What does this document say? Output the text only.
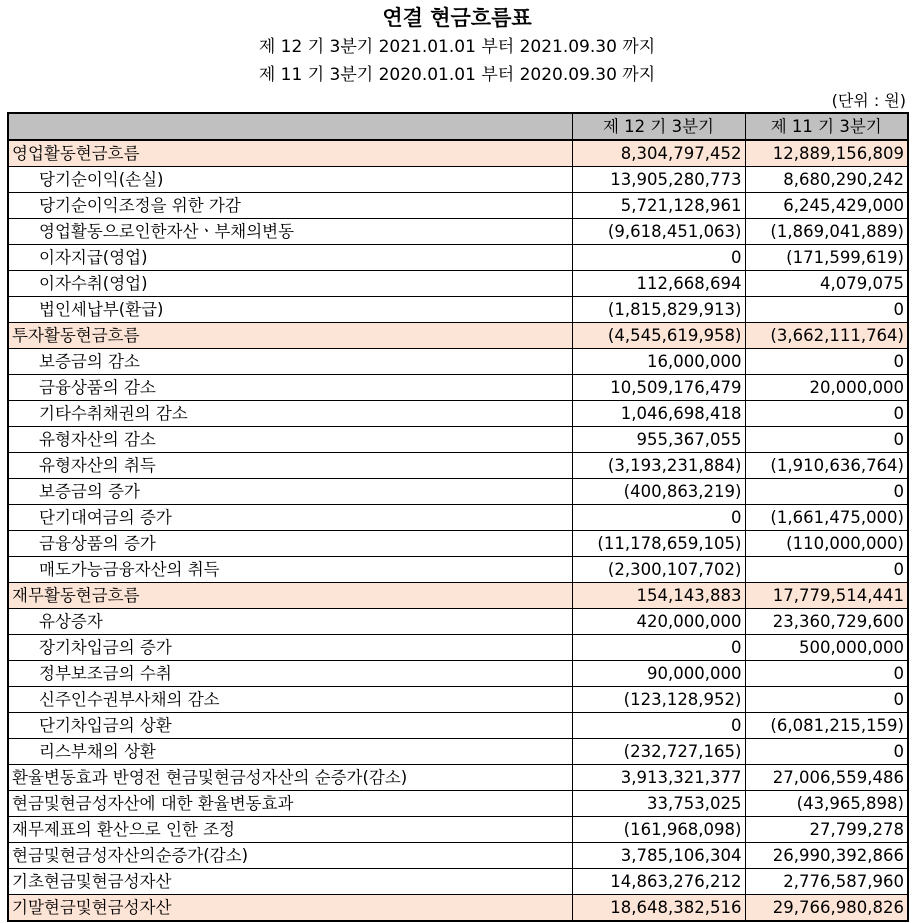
연결 현금흐름표
제 12 기 3분기 2021.01.01 부터 2021.09.30 까지
제 11 기 3분기 2020.01.01 부터 2020.09.30 까지
(단위 : 원)
	제 12 기 3분기	제 11 기 3분기
영업활동현금흐름	8,304,797,452	12,889,156,809
당기순이익(손실)	13,905,280,773	8,680,290,242
당기순이익조정을 위한 가감	5,721,128,961	6,245,429,000
영업활동으로인한자산ㆍ부채의변동	(9,618,451,063)	(1,869,041,889)
이자지급(영업)	0	(171,599,619)
이자수취(영업)	112,668,694	4,079,075
법인세납부(환급)	(1,815,829,913)	0
투자활동현금흐름	(4,545,619,958)	(3,662,111,764)
보증금의 감소	16,000,000	0
금융상품의 감소	10,509,176,479	20,000,000
기타수취채권의 감소	1,046,698,418	0
유형자산의 감소	955,367,055	0
유형자산의 취득	(3,193,231,884)	(1,910,636,764)
보증금의 증가	(400,863,219)	0
단기대여금의 증가	0	(1,661,475,000)
금융상품의 증가	(11,178,659,105)	(110,000,000)
매도가능금융자산의 취득	(2,300,107,702)	0
재무활동현금흐름	154,143,883	17,779,514,441
유상증자	420,000,000	23,360,729,600
장기차입금의 증가	0	500,000,000
정부보조금의 수취	90,000,000	0
신주인수권부사채의 감소	(123,128,952)	0
단기차입금의 상환	0	(6,081,215,159)
리스부채의 상환	(232,727,165)	0
환율변동효과 반영전 현금및현금성자산의 순증가(감소)	3,913,321,377	27,006,559,486
현금및현금성자산에 대한 환율변동효과	33,753,025	(43,965,898)
재무제표의 환산으로 인한 조정	(161,968,098)	27,799,278
현금및현금성자산의순증가(감소)	3,785,106,304	26,990,392,866
기초현금및현금성자산	14,863,276,212	2,776,587,960
기말현금및현금성자산	18,648,382,516	29,766,980,826
